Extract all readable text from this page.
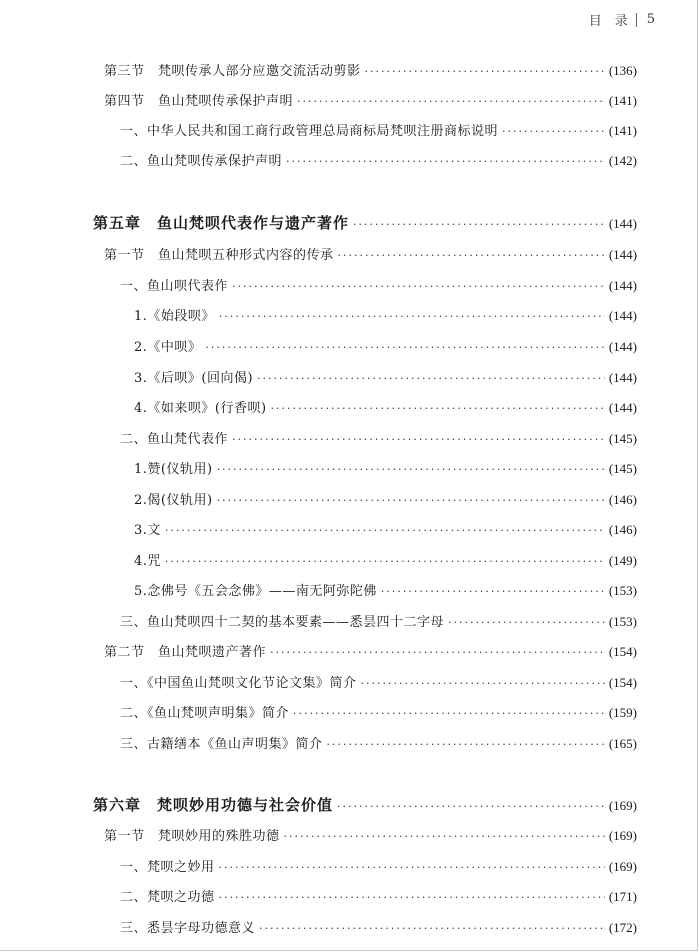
目　录 5
第三节　梵呗传承人部分应邀交流活动剪影 ·····	(136)
第四节　鱼山梵呗传承保护声明 ·····	(141)
一、中华人民共和国工商行政管理总局商标局梵呗注册商标说明 ·····	(141)
二、鱼山梵呗传承保护声明 ·····	(142)
第五章　鱼山梵呗代表作与遗产著作 ·····	(144)
第一节　鱼山梵呗五种形式内容的传承 ·····	(144)
一、鱼山呗代表作 ·····	(144)
1.《始段呗》 ·····	(144)
2.《中呗》 ·····	(144)
3.《后呗》(回向偈) ·····	(144)
4.《如来呗》(行香呗) ·····	(144)
二、鱼山梵代表作 ·····	(145)
1.赞(仪轨用) ·····	(145)
2.偈(仪轨用) ·····	(146)
3.文 ·····	(146)
4.咒 ·····	(149)
5.念佛号《五会念佛》——南无阿弥陀佛 ·····	(153)
三、鱼山梵呗四十二契的基本要素——悉昙四十二字母 ·····	(153)
第二节　鱼山梵呗遗产著作 ·····	(154)
一、《中国鱼山梵呗文化节论文集》简介 ·····	(154)
二、《鱼山梵呗声明集》简介 ·····	(159)
三、古籍缮本《鱼山声明集》简介 ·····	(165)
第六章　梵呗妙用功德与社会价值 ·····	(169)
第一节　梵呗妙用的殊胜功德 ·····	(169)
一、梵呗之妙用 ·····	(169)
二、梵呗之功德 ·····	(171)
三、悉昙字母功德意义 ·····	(172)
